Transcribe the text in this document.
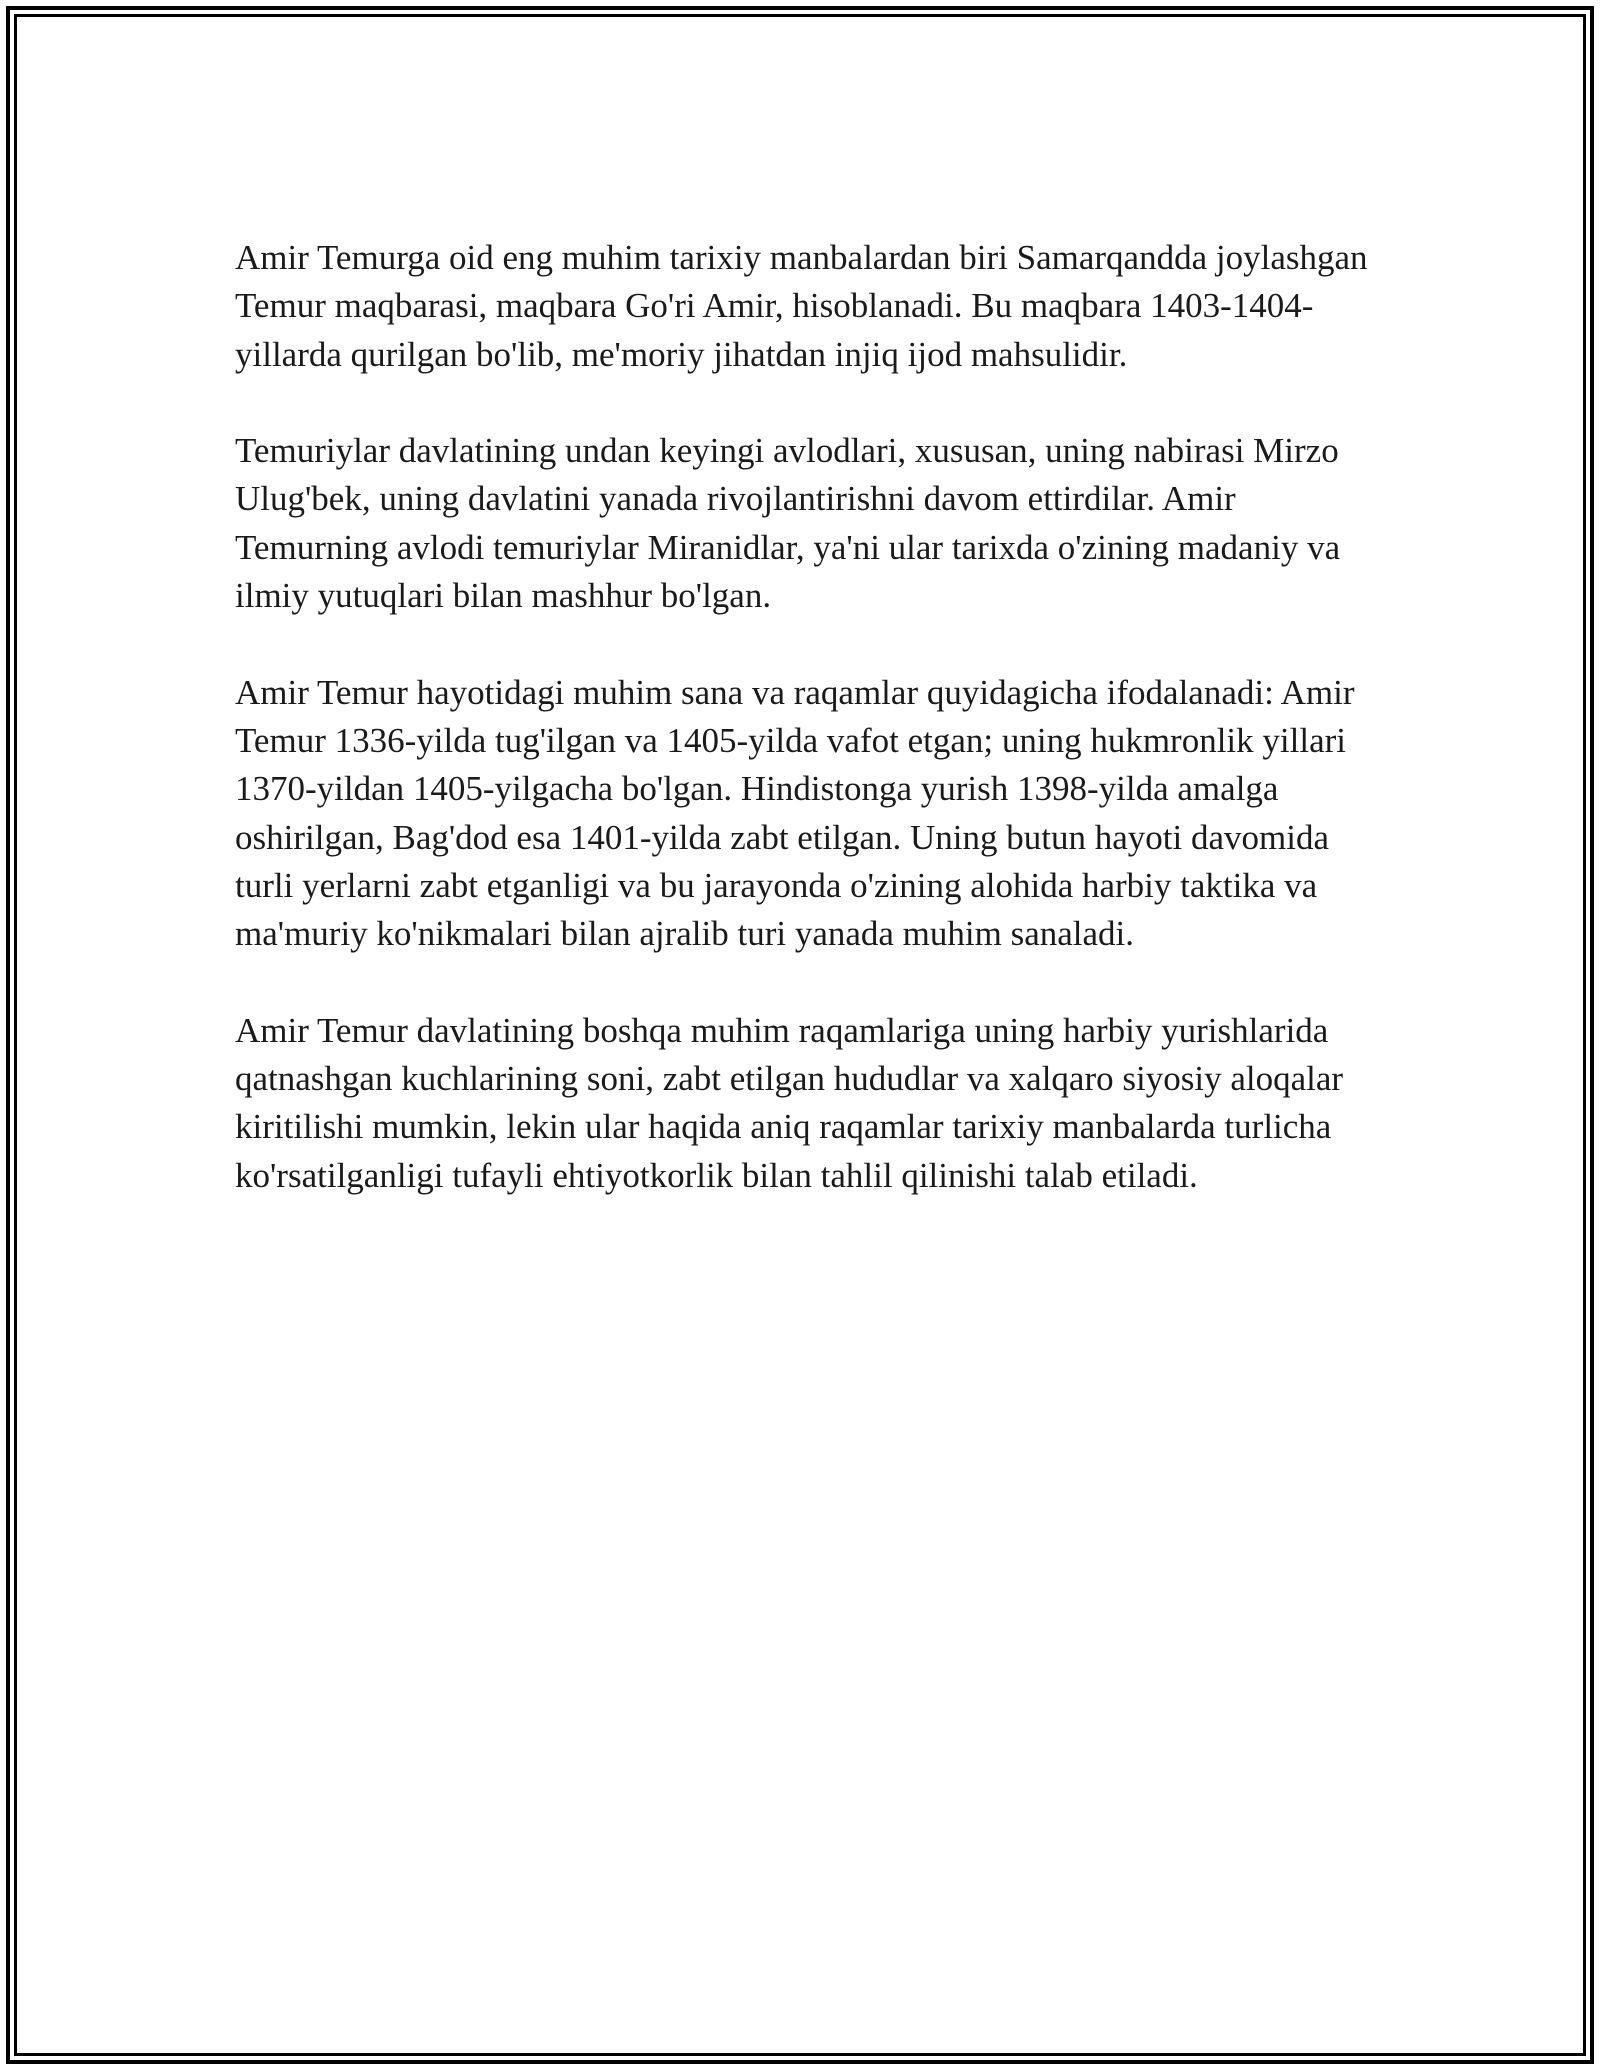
Amir Temurga oid eng muhim tarixiy manbalardan biri Samarqandda joylashgan Temur maqbarasi, maqbara Go'ri Amir, hisoblanadi. Bu maqbara 1403-1404-yillarda qurilgan bo'lib, me'moriy jihatdan injiq ijod mahsulidir.

Temuriylar davlatining undan keyingi avlodlari, xususan, uning nabirasi Mirzo Ulug'bek, uning davlatini yanada rivojlantirishni davom ettirdilar. Amir Temurning avlodi temuriylar Miranidlar, ya'ni ular tarixda o'zining madaniy va ilmiy yutuqlari bilan mashhur bo'lgan.

Amir Temur hayotidagi muhim sana va raqamlar quyidagicha ifodalanadi: Amir Temur 1336-yilda tug'ilgan va 1405-yilda vafot etgan; uning hukmronlik yillari 1370-yildan 1405-yilgacha bo'lgan. Hindistonga yurish 1398-yilda amalga oshirilgan, Bag'dod esa 1401-yilda zabt etilgan. Uning butun hayoti davomida turli yerlarni zabt etganligi va bu jarayonda o'zining alohida harbiy taktika va ma'muriy ko'nikmalari bilan ajralib turi yanada muhim sanaladi.

Amir Temur davlatining boshqa muhim raqamlariga uning harbiy yurishlarida qatnashgan kuchlarining soni, zabt etilgan hududlar va xalqaro siyosiy aloqalar kiritilishi mumkin, lekin ular haqida aniq raqamlar tarixiy manbalarda turlicha ko'rsatilganligi tufayli ehtiyotkorlik bilan tahlil qilinishi talab etiladi.
